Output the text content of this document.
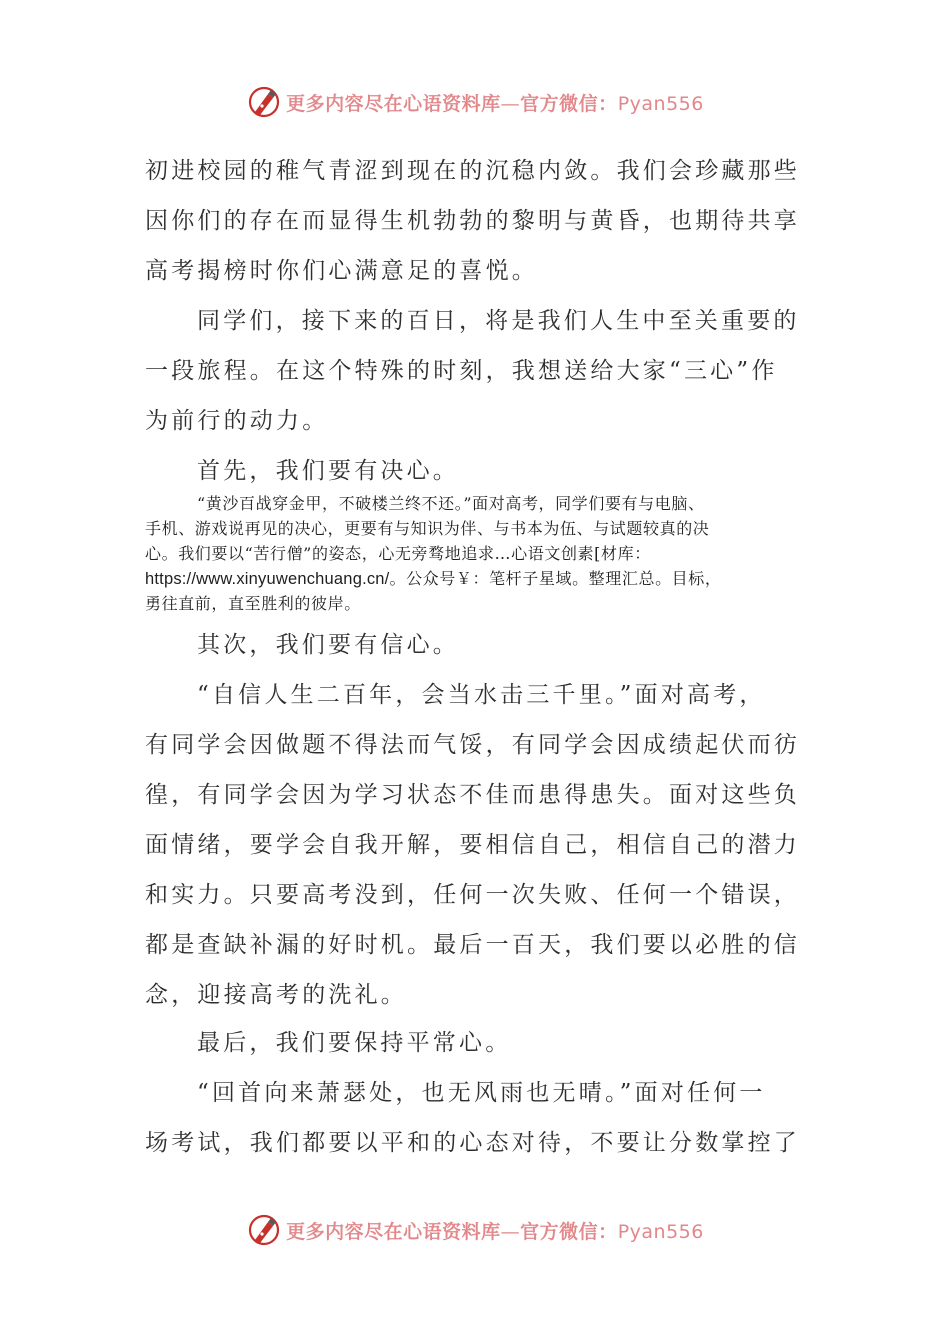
更多内容尽在心语资料库—官方微信：Pyan556
初进校园的稚气青涩到现在的沉稳内敛。我们会珍藏那些
因你们的存在而显得生机勃勃的黎明与黄昏，也期待共享
高考揭榜时你们心满意足的喜悦。
同学们，接下来的百日，将是我们人生中至关重要的
一段旅程。在这个特殊的时刻，我想送给大家“三心”作
为前行的动力。
首先，我们要有决心。
“黄沙百战穿金甲，不破楼兰终不还。”面对高考，同学们要有与电脑、
手机、游戏说再见的决心，更要有与知识为伴、与书本为伍、与试题较真的决
心。我们要以“苦行僧”的姿态，心无旁骛地追求…心语文创素[材库：
https://www.xinyuwenchuang.cn/。公众号￥：笔杆子星域。整理汇总。目标，
勇往直前，直至胜利的彼岸。
其次，我们要有信心。
“自信人生二百年，会当水击三千里。”面对高考，
有同学会因做题不得法而气馁，有同学会因成绩起伏而彷
徨，有同学会因为学习状态不佳而患得患失。面对这些负
面情绪，要学会自我开解，要相信自己，相信自己的潜力
和实力。只要高考没到，任何一次失败、任何一个错误，
都是查缺补漏的好时机。最后一百天，我们要以必胜的信
念，迎接高考的洗礼。
最后，我们要保持平常心。
“回首向来萧瑟处，也无风雨也无晴。”面对任何一
场考试，我们都要以平和的心态对待，不要让分数掌控了
更多内容尽在心语资料库—官方微信：Pyan556
